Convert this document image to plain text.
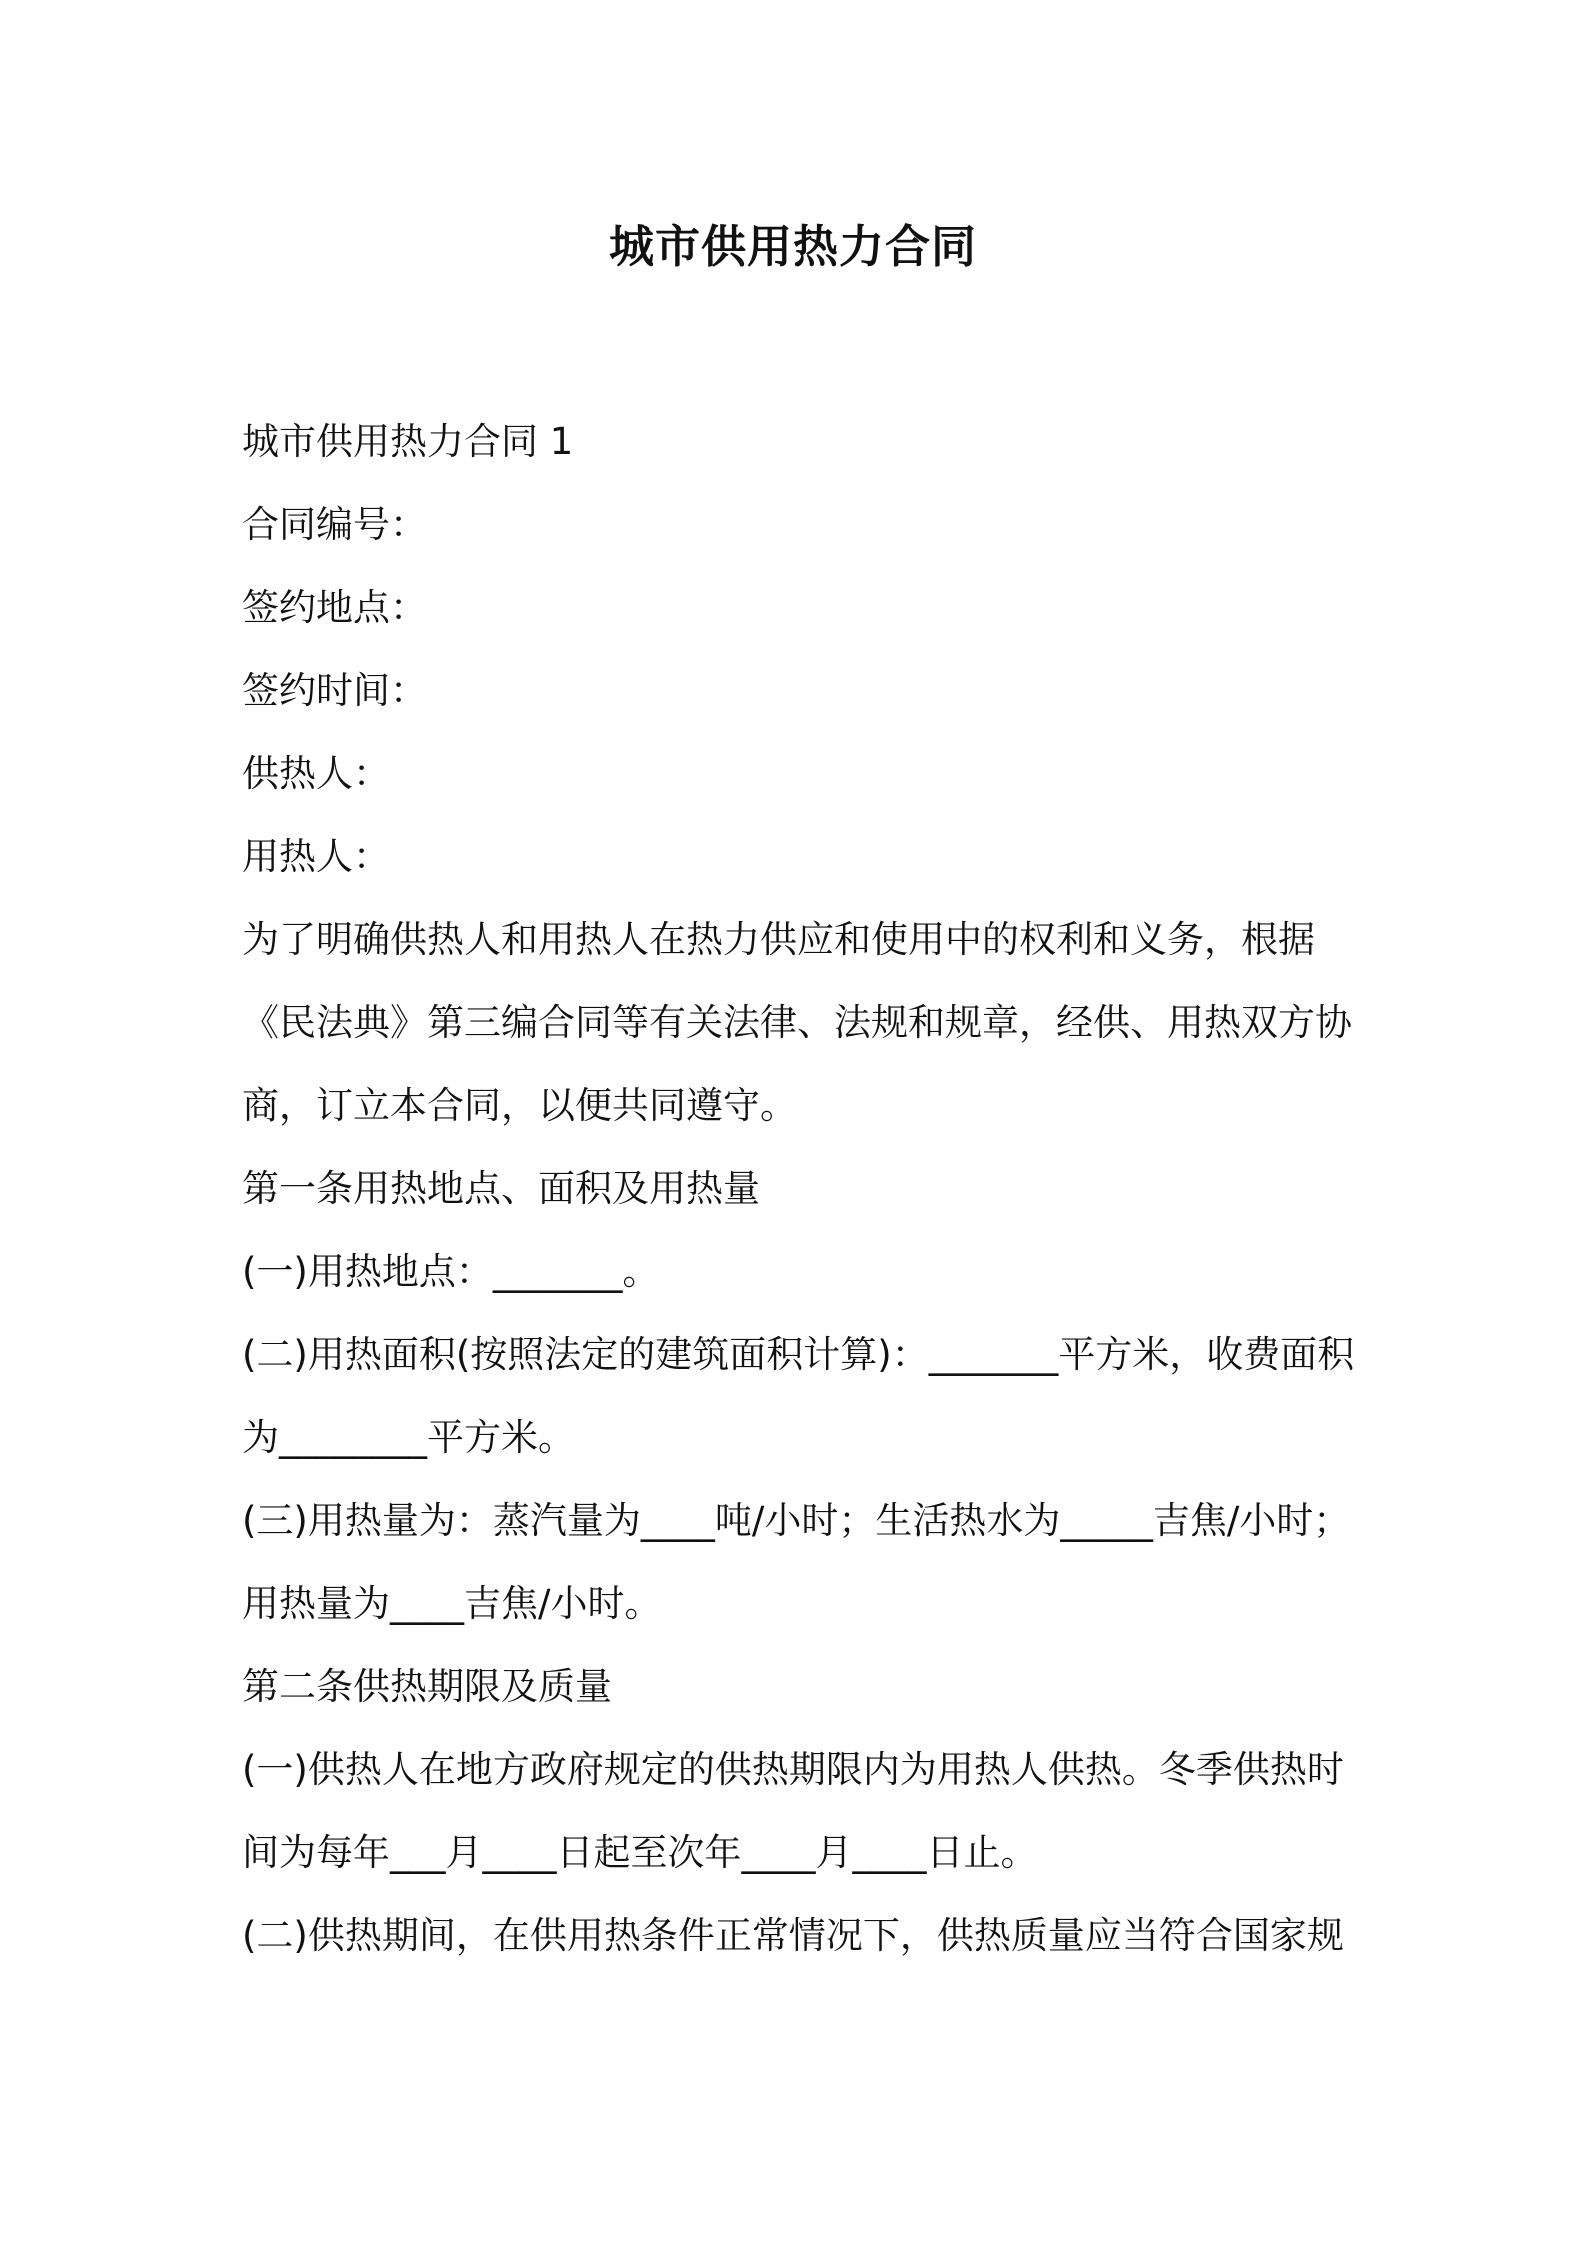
城市供用热力合同

城市供用热力合同 1

合同编号：

签约地点：

签约时间：

供热人：

用热人：

为了明确供热人和用热人在热力供应和使用中的权利和义务，根据《民法典》第三编合同等有关法律、法规和规章，经供、用热双方协商，订立本合同，以便共同遵守。

第一条用热地点、面积及用热量

(一)用热地点：_______。

(二)用热面积(按照法定的建筑面积计算)：_______平方米，收费面积为________平方米。

(三)用热量为：蒸汽量为____吨/小时；生活热水为_____吉焦/小时；用热量为____吉焦/小时。

第二条供热期限及质量

(一)供热人在地方政府规定的供热期限内为用热人供热。冬季供热时间为每年___月____日起至次年____月____日止。

(二)供热期间，在供用热条件正常情况下，供热质量应当符合国家规
